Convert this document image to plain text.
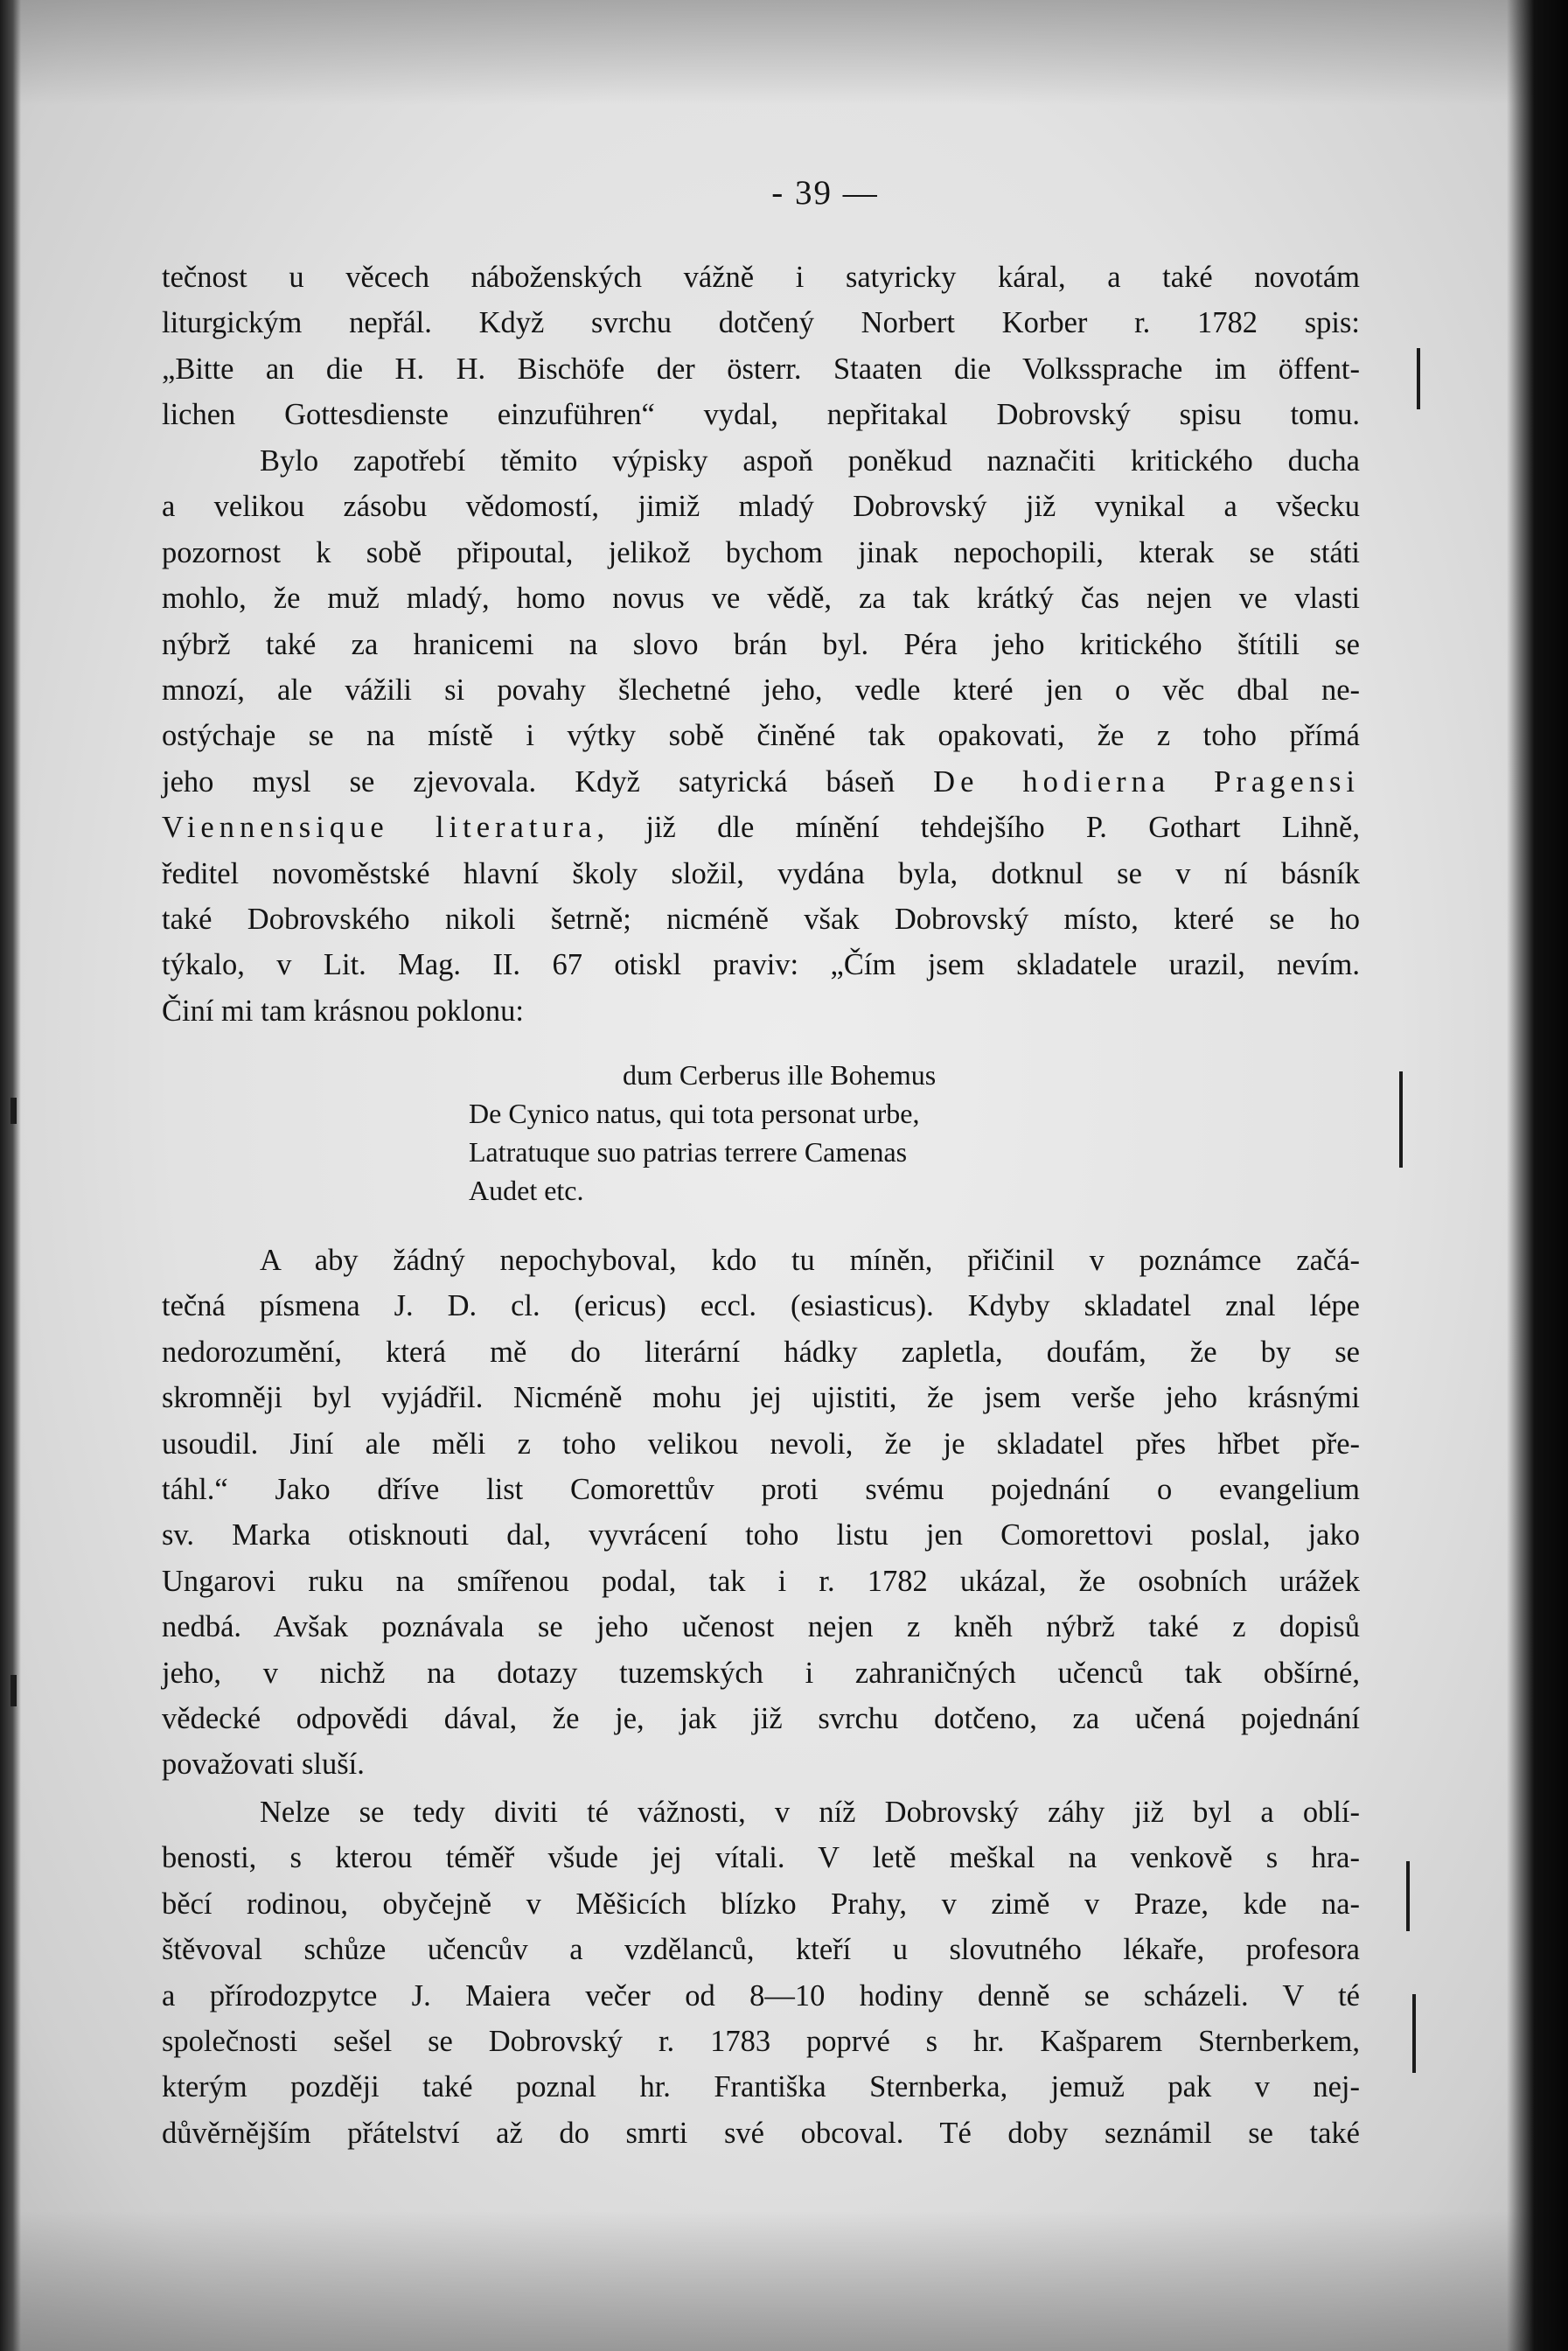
- 39 —
tečnost u věcech náboženských vážně i satyricky káral, a také novotám
liturgickým nepřál. Když svrchu dotčený Norbert Korber r. 1782 spis:
„Bitte an die H. H. Bischöfe der österr. Staaten die Volkssprache im öffent-
lichen Gottesdienste einzuführen“ vydal, nepřitakal Dobrovský spisu tomu.
Bylo zapotřebí těmito výpisky aspoň poněkud naznačiti kritického ducha
a velikou zásobu vědomostí, jimiž mladý Dobrovský již vynikal a všecku
pozornost k sobě připoutal, jelikož bychom jinak nepochopili, kterak se státi
mohlo, že muž mladý, homo novus ve vědě, za tak krátký čas nejen ve vlasti
nýbrž také za hranicemi na slovo brán byl. Péra jeho kritického štítili se
mnozí, ale vážili si povahy šlechetné jeho, vedle které jen o věc dbal ne-
ostýchaje se na místě i výtky sobě činěné tak opakovati, že z toho přímá
jeho mysl se zjevovala. Když satyrická báseň De hodierna Pragensi
Viennensique literatura, již dle mínění tehdejšího P. Gothart Lihně,
ředitel novoměstské hlavní školy složil, vydána byla, dotknul se v ní básník
také Dobrovského nikoli šetrně; nicméně však Dobrovský místo, které se ho
týkalo, v Lit. Mag. II. 67 otiskl praviv: „Čím jsem skladatele urazil, nevím.
Činí mi tam krásnou poklonu:
dum Cerberus ille Bohemus
De Cynico natus, qui tota personat urbe,
Latratuque suo patrias terrere Camenas
Audet etc.
A aby žádný nepochyboval, kdo tu míněn, přičinil v poznámce začá-
tečná písmena J. D. cl. (ericus) eccl. (esiasticus). Kdyby skladatel znal lépe
nedorozumění, která mě do literární hádky zapletla, doufám, že by se
skromněji byl vyjádřil. Nicméně mohu jej ujistiti, že jsem verše jeho krásnými
usoudil. Jiní ale měli z toho velikou nevoli, že je skladatel přes hřbet pře-
táhl.“ Jako dříve list Comorettův proti svému pojednání o evangelium
sv. Marka otisknouti dal, vyvrácení toho listu jen Comorettovi poslal, jako
Ungarovi ruku na smířenou podal, tak i r. 1782 ukázal, že osobních urážek
nedbá. Avšak poznávala se jeho učenost nejen z kněh nýbrž také z dopisů
jeho, v nichž na dotazy tuzemských i zahraničných učenců tak obšírné,
vědecké odpovědi dával, že je, jak již svrchu dotčeno, za učená pojednání
považovati sluší.
Nelze se tedy diviti té vážnosti, v níž Dobrovský záhy již byl a oblí-
benosti, s kterou téměř všude jej vítali. V letě meškal na venkově s hra-
běcí rodinou, obyčejně v Měšicích blízko Prahy, v zimě v Praze, kde na-
štěvoval schůze učencův a vzdělanců, kteří u slovutného lékaře, profesora
a přírodozpytce J. Maiera večer od 8—10 hodiny denně se scházeli. V té
společnosti sešel se Dobrovský r. 1783 poprvé s hr. Kašparem Sternberkem,
kterým později také poznal hr. Františka Sternberka, jemuž pak v nej-
důvěrnějším přátelství až do smrti své obcoval. Té doby seznámil se také
